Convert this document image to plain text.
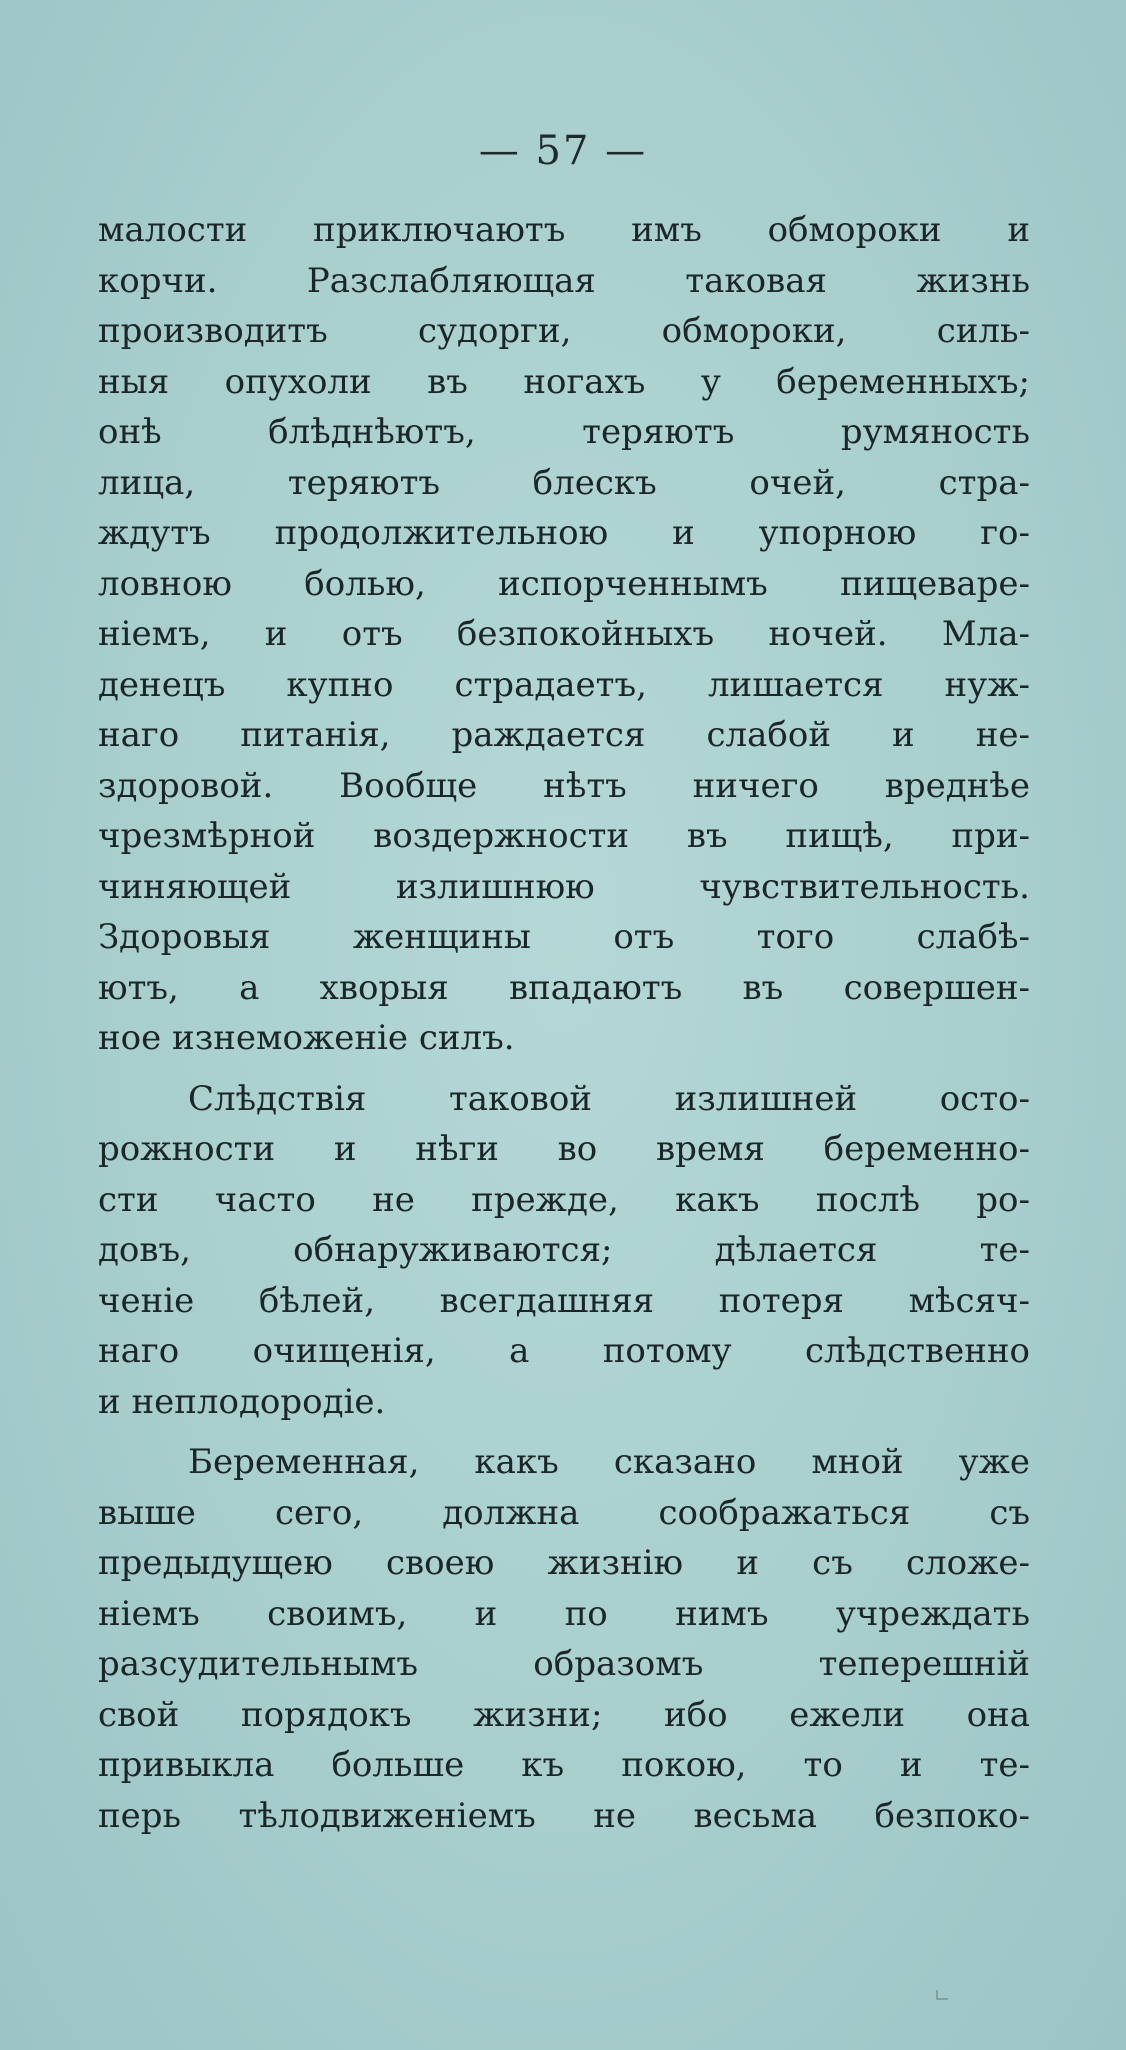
— 57 —
малости приключаютъ имъ обмороки и
корчи. Разслабляющая таковая жизнь
производитъ судорги, обмороки, силь-
ныя опухоли въ ногахъ у беременныхъ;
онѣ блѣднѣютъ, теряютъ румяность
лица, теряютъ блескъ очей, стра-
ждутъ продолжительною и упорною го-
ловною болью, испорченнымъ пищеваре-
ніемъ, и отъ безпокойныхъ ночей. Мла-
денецъ купно страдаетъ, лишается нуж-
наго питанія, раждается слабой и не-
здоровой. Вообще нѣтъ ничего вреднѣе
чрезмѣрной воздержности въ пищѣ, при-
чиняющей излишнюю чувствительность.
Здоровыя женщины отъ того слабѣ-
ютъ, а хворыя впадаютъ въ совершен-
ное изнеможеніе силъ.
Слѣдствія таковой излишней осто-
рожности и нѣги во время беременно-
сти часто не прежде, какъ послѣ ро-
довъ, обнаруживаются; дѣлается те-
ченіе бѣлей, всегдашняя потеря мѣсяч-
наго очищенія, а потому слѣдственно
и неплодородіе.
Беременная, какъ сказано мной уже
выше сего, должна соображаться съ
предыдущею своею жизнію и съ сложе-
ніемъ своимъ, и по нимъ учреждать
разсудительнымъ образомъ теперешній
свой порядокъ жизни; ибо ежели она
привыкла больше къ покою, то и те-
перь тѣлодвиженіемъ не весьма безпоко-
